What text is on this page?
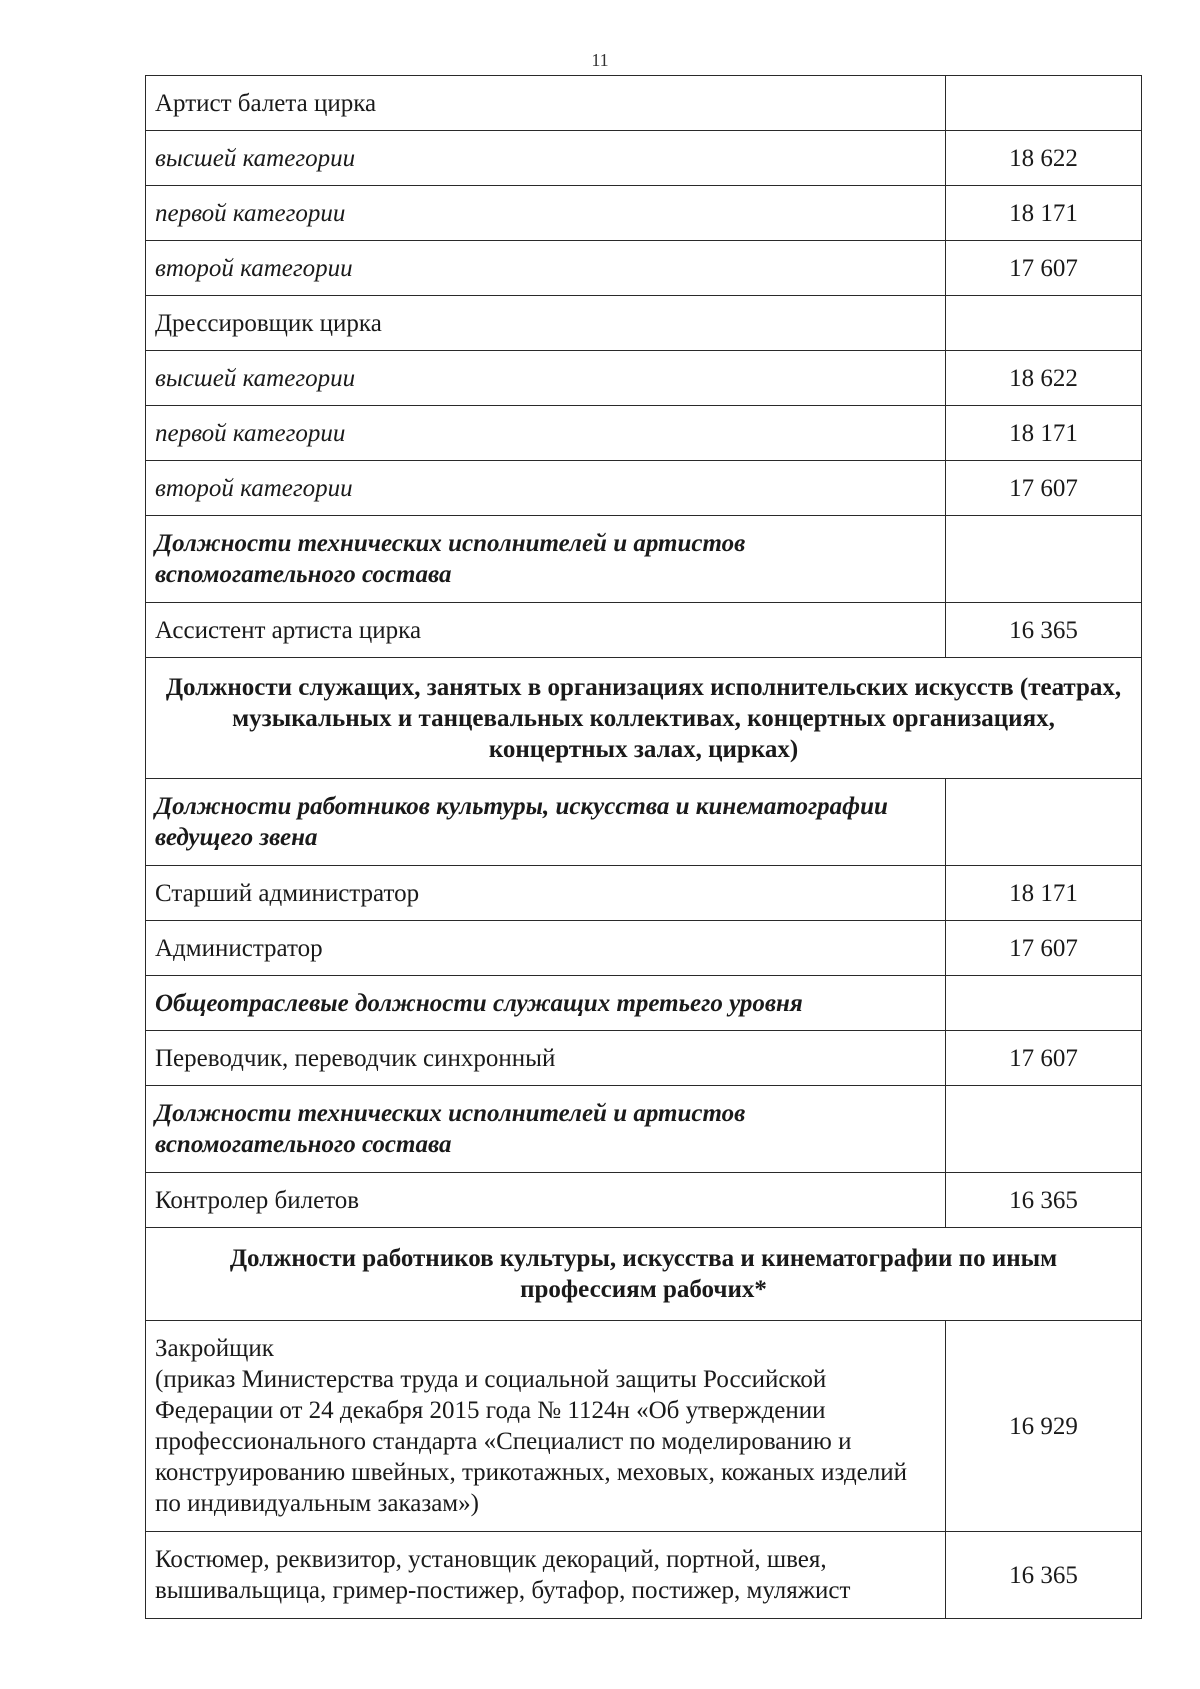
11
Артист балета цирка	
высшей категории	18 622
первой категории	18 171
второй категории	17 607
Дрессировщик цирка	
высшей категории	18 622
первой категории	18 171
второй категории	17 607
Должности технических исполнителей и артистов вспомогательного состава	
Ассистент артиста цирка	16 365
Должности служащих, занятых в организациях исполнительских искусств (театрах, музыкальных и танцевальных коллективах, концертных организациях, концертных залах, цирках)	
Должности работников культуры, искусства и кинематографии ведущего звена	
Старший администратор	18 171
Администратор	17 607
Общеотраслевые должности служащих третьего уровня	
Переводчик, переводчик синхронный	17 607
Должности технических исполнителей и артистов вспомогательного состава	
Контролер билетов	16 365
Должности работников культуры, искусства и кинематографии по иным профессиям рабочих*	

Закройщик
(приказ Министерства труда и социальной защиты Российской Федерации от 24 декабря 2015 года № 1124н «Об утверждении профессионального стандарта «Специалист по моделированию и конструированию швейных, трикотажных, меховых, кожаных изделий по индивидуальным заказам»)	16 929
Костюмер, реквизитор, установщик декораций, портной, швея, вышивальщица, гример-постижер, бутафор, постижер, муляжист	16 365
